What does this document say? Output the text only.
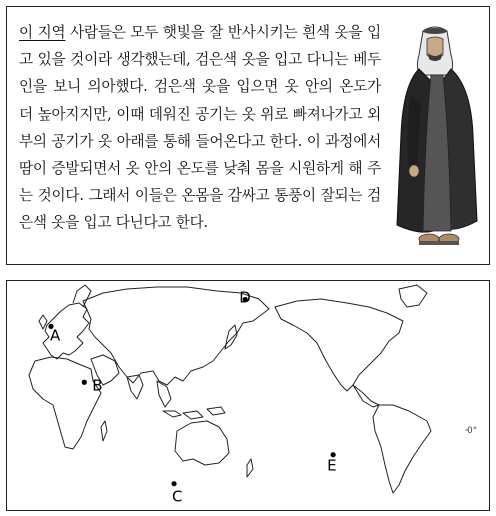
이 지역 사람들은 모두 햇빛을 잘 반사시키는 흰색 옷을 입고 있을 것이라 생각했는데, 검은색 옷을 입고 다니는 베두인을 보니 의아했다. 검은색 옷을 입으면 옷 안의 온도가 더 높아지지만, 이때 데워진 공기는 옷 위로 빠져나가고 외부의 공기가 옷 아래를 통해 들어온다고 한다. 이 과정에서 땀이 증발되면서 옷 안의 온도를 낮춰 몸을 시원하게 해 주는 것이다. 그래서 이들은 온몸을 감싸고 통풍이 잘되는 검은색 옷을 입고 다닌다고 한다.

0°
A
B
C
D
E
